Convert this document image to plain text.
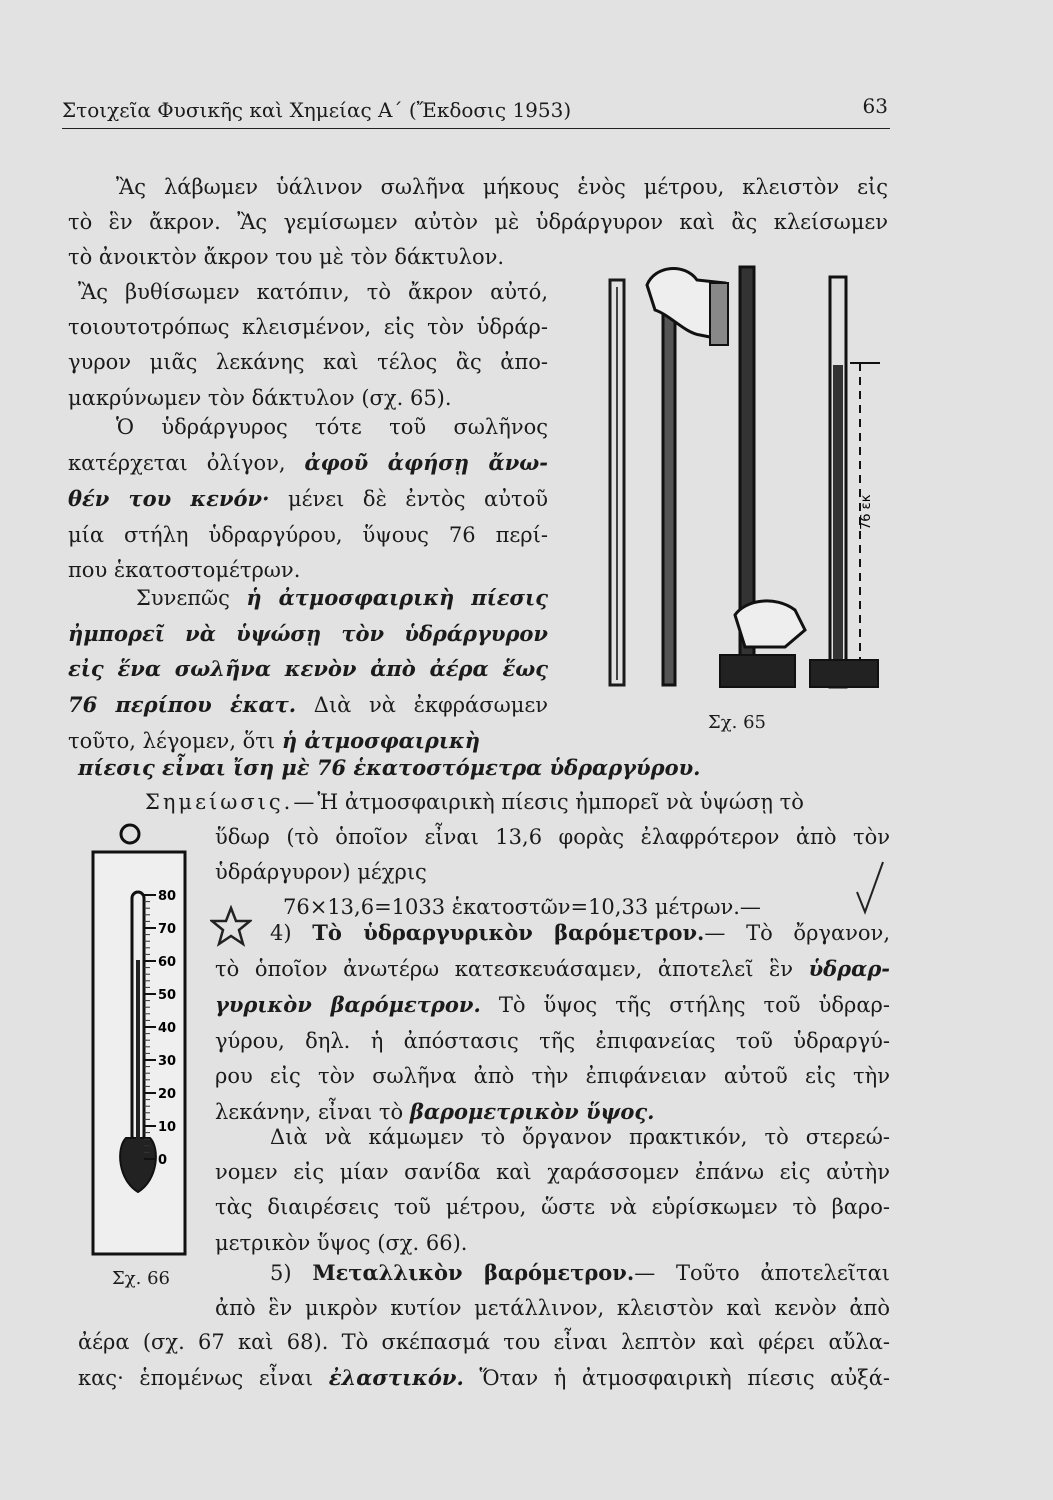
Στοιχεῖα Φυσικῆς καὶ Χημείας Α΄ (Ἔκδοσις 1953)	63
Ἂς λάβωμεν ὑάλινον σωλῆνα μήκους ἑνὸς μέτρου, κλειστὸν εἰς
τὸ ἓν ἄκρον. Ἂς γεμίσωμεν αὐτὸν μὲ ὑδράργυρον καὶ ἂς κλείσωμεν
τὸ ἀνοικτὸν ἄκρον του μὲ τὸν δάκτυλον.
Ἂς βυθίσωμεν κατόπιν, τὸ ἄκρον αὐτό,
τοιουτοτρόπως κλεισμένον, εἰς τὸν ὑδράρ-
γυρον μιᾶς λεκάνης καὶ τέλος ἂς ἀπο-
μακρύνωμεν τὸν δάκτυλον (σχ. 65).
Ὁ ὑδράργυρος τότε τοῦ σωλῆνος
κατέρχεται ὀλίγον, ἀφοῦ ἀφήσῃ ἄνω-
θέν του κενόν· μένει δὲ ἐντὸς αὐτοῦ
μία στήλη ὑδραργύρου, ὕψους 76 περί-
που ἑκατοστομέτρων.
Συνεπῶς ἡ ἀτμοσφαιρικὴ πίεσις
ἠμπορεῖ νὰ ὑψώσῃ τὸν ὑδράργυρον
εἰς ἕνα σωλῆνα κενὸν ἀπὸ ἀέρα ἕως
76 περίπου ἑκατ. Διὰ νὰ ἐκφράσωμεν
τοῦτο, λέγομεν, ὅτι ἡ ἀτμοσφαιρικὴ
πίεσις εἶναι ἴση μὲ 76 ἑκατοστόμετρα ὑδραργύρου.
Σημείωσις.—Ἡ ἀτμοσφαιρικὴ πίεσις ἠμπορεῖ νὰ ὑψώσῃ τὸ
ὕδωρ (τὸ ὁποῖον εἶναι 13,6 φορὰς ἐλαφρότερον ἀπὸ τὸν
ὑδράργυρον) μέχρις
76×13,6=1033 ἑκατοστῶν=10,33 μέτρων.—
4) Τὸ ὑδραργυρικὸν βαρόμετρον.— Τὸ ὄργανον,
τὸ ὁποῖον ἀνωτέρω κατεσκευάσαμεν, ἀποτελεῖ ἓν ὑδραρ-
γυρικὸν βαρόμετρον. Τὸ ὕψος τῆς στήλης τοῦ ὑδραρ-
γύρου, δηλ. ἡ ἀπόστασις τῆς ἐπιφανείας τοῦ ὑδραργύ-
ρου εἰς τὸν σωλῆνα ἀπὸ τὴν ἐπιφάνειαν αὐτοῦ εἰς τὴν
λεκάνην, εἶναι τὸ βαρομετρικὸν ὕψος.
Διὰ νὰ κάμωμεν τὸ ὄργανον πρακτικόν, τὸ στερεώ-
νομεν εἰς μίαν σανίδα καὶ χαράσσομεν ἐπάνω εἰς αὐτὴν
τὰς διαιρέσεις τοῦ μέτρου, ὥστε νὰ εὑρίσκωμεν τὸ βαρο-
μετρικὸν ὕψος (σχ. 66).
5) Μεταλλικὸν βαρόμετρον.— Τοῦτο ἀποτελεῖται
ἀπὸ ἓν μικρὸν κυτίον μετάλλινον, κλειστὸν καὶ κενὸν ἀπὸ
ἀέρα (σχ. 67 καὶ 68). Τὸ σκέπασμά του εἶναι λεπτὸν καὶ φέρει αὔλα-
κας· ἑπομένως εἶναι ἐλαστικόν. Ὅταν ἡ ἀτμοσφαιρικὴ πίεσις αὐξά-
76 εκ
Σχ. 65
80
70
60
50
40
30
20
10
0
Σχ. 66
